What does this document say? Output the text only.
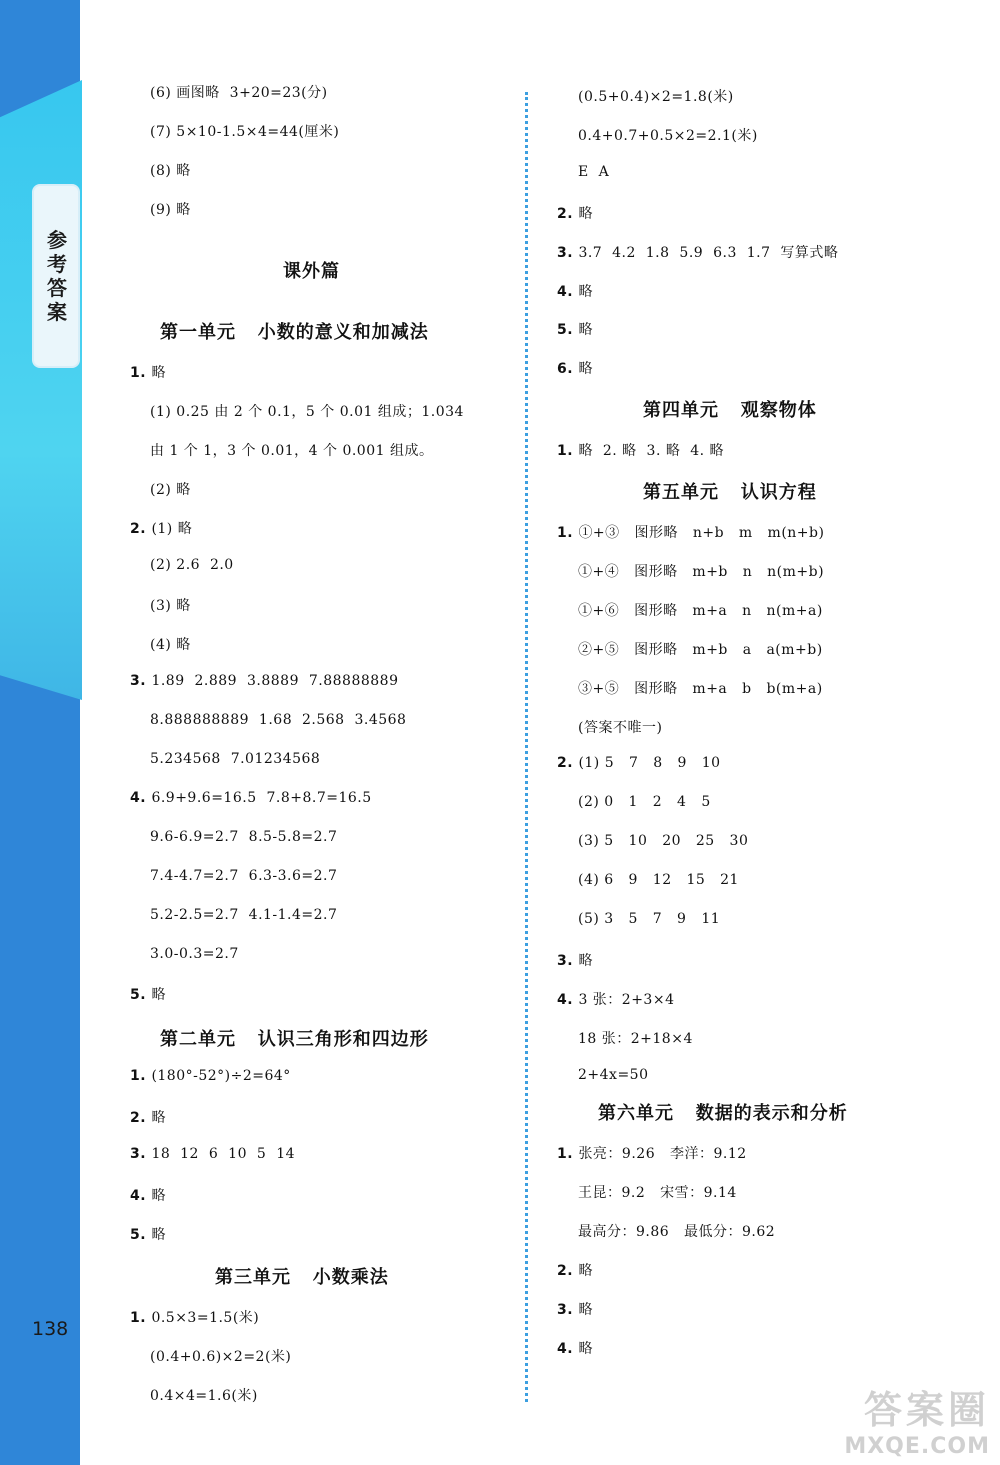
参考答案
138
(6) 画图略  3+20=23(分)
(7) 5×10-1.5×4=44(厘米)
(8) 略
(9) 略
课外篇
第一单元   小数的意义和加减法
1. 略
(1) 0.25 由 2 个 0.1，5 个 0.01 组成；1.034
由 1 个 1，3 个 0.01，4 个 0.001 组成。
(2) 略
2. (1) 略
(2) 2.6  2.0
(3) 略
(4) 略
3. 1.89  2.889  3.8889  7.88888889
8.888888889  1.68  2.568  3.4568
5.234568  7.01234568
4. 6.9+9.6=16.5  7.8+8.7=16.5
9.6-6.9=2.7  8.5-5.8=2.7
7.4-4.7=2.7  6.3-3.6=2.7
5.2-2.5=2.7  4.1-1.4=2.7
3.0-0.3=2.7
5. 略
第二单元   认识三角形和四边形
1. (180°-52°)÷2=64°
2. 略
3. 18  12  6  10  5  14
4. 略
5. 略
第三单元   小数乘法
1. 0.5×3=1.5(米)
(0.4+0.6)×2=2(米)
0.4×4=1.6(米)
(0.5+0.4)×2=1.8(米)
0.4+0.7+0.5×2=2.1(米)
E  A
2. 略
3. 3.7  4.2  1.8  5.9  6.3  1.7  写算式略
4. 略
5. 略
6. 略
第四单元   观察物体
1. 略  2. 略  3. 略  4. 略
第五单元   认识方程
1. ①+③   图形略   n+b   m   m(n+b)
①+④   图形略   m+b   n   n(m+b)
①+⑥   图形略   m+a   n   n(m+a)
②+⑤   图形略   m+b   a   a(m+b)
③+⑤   图形略   m+a   b   b(m+a)
(答案不唯一)
2. (1) 5   7   8   9   10
(2) 0   1   2   4   5
(3) 5   10   20   25   30
(4) 6   9   12   15   21
(5) 3   5   7   9   11
3. 略
4. 3 张：2+3×4
18 张：2+18×4
2+4x=50
第六单元   数据的表示和分析
1. 张亮：9.26   李洋：9.12
王昆：9.2   宋雪：9.14
最高分：9.86   最低分：9.62
2. 略
3. 略
4. 略
答案圈
MXQE.COM
